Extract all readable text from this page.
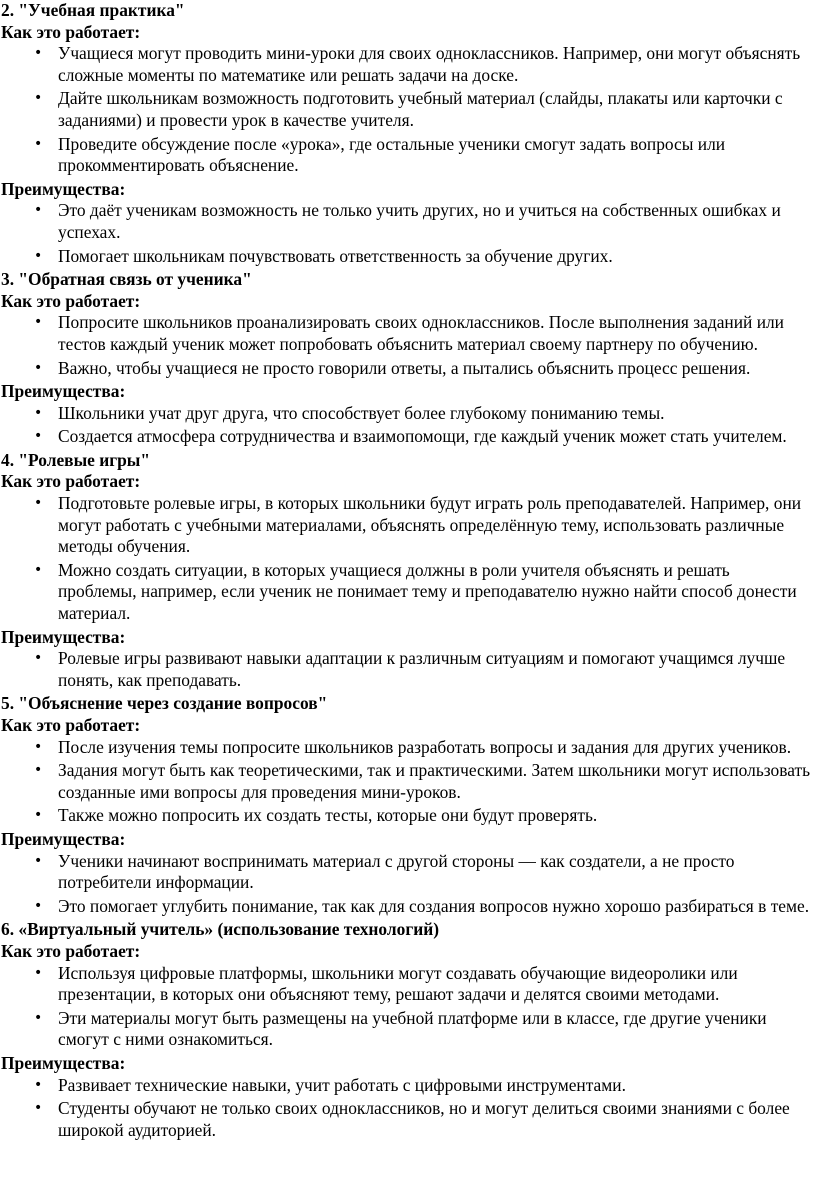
2. "Учебная практика"

Как это работает:

• Учащиеся могут проводить мини-уроки для своих одноклассников. Например, они могут объяснять сложные моменты по математике или решать задачи на доске.
• Дайте школьникам возможность подготовить учебный материал (слайды, плакаты или карточки с заданиями) и провести урок в качестве учителя.
• Проведите обсуждение после «урока», где остальные ученики смогут задать вопросы или прокомментировать объяснение.

Преимущества:

• Это даёт ученикам возможность не только учить других, но и учиться на собственных ошибках и успехах.
• Помогает школьникам почувствовать ответственность за обучение других.

3. "Обратная связь от ученика"

Как это работает:

• Попросите школьников проанализировать своих одноклассников. После выполнения заданий или тестов каждый ученик может попробовать объяснить материал своему партнеру по обучению.
• Важно, чтобы учащиеся не просто говорили ответы, а пытались объяснить процесс решения.

Преимущества:

• Школьники учат друг друга, что способствует более глубокому пониманию темы.
• Создается атмосфера сотрудничества и взаимопомощи, где каждый ученик может стать учителем.

4. "Ролевые игры"

Как это работает:

• Подготовьте ролевые игры, в которых школьники будут играть роль преподавателей. Например, они могут работать с учебными материалами, объяснять определённую тему, использовать различные методы обучения.
• Можно создать ситуации, в которых учащиеся должны в роли учителя объяснять и решать проблемы, например, если ученик не понимает тему и преподавателю нужно найти способ донести материал.

Преимущества:

• Ролевые игры развивают навыки адаптации к различным ситуациям и помогают учащимся лучше понять, как преподавать.

5. "Объяснение через создание вопросов"

Как это работает:

• После изучения темы попросите школьников разработать вопросы и задания для других учеников.
• Задания могут быть как теоретическими, так и практическими. Затем школьники могут использовать созданные ими вопросы для проведения мини-уроков.
• Также можно попросить их создать тесты, которые они будут проверять.

Преимущества:

• Ученики начинают воспринимать материал с другой стороны — как создатели, а не просто потребители информации.
• Это помогает углубить понимание, так как для создания вопросов нужно хорошо разбираться в теме.

6. «Виртуальный учитель» (использование технологий)

Как это работает:

• Используя цифровые платформы, школьники могут создавать обучающие видеоролики или презентации, в которых они объясняют тему, решают задачи и делятся своими методами.
• Эти материалы могут быть размещены на учебной платформе или в классе, где другие ученики смогут с ними ознакомиться.

Преимущества:

• Развивает технические навыки, учит работать с цифровыми инструментами.
• Студенты обучают не только своих одноклассников, но и могут делиться своими знаниями с более широкой аудиторией.
